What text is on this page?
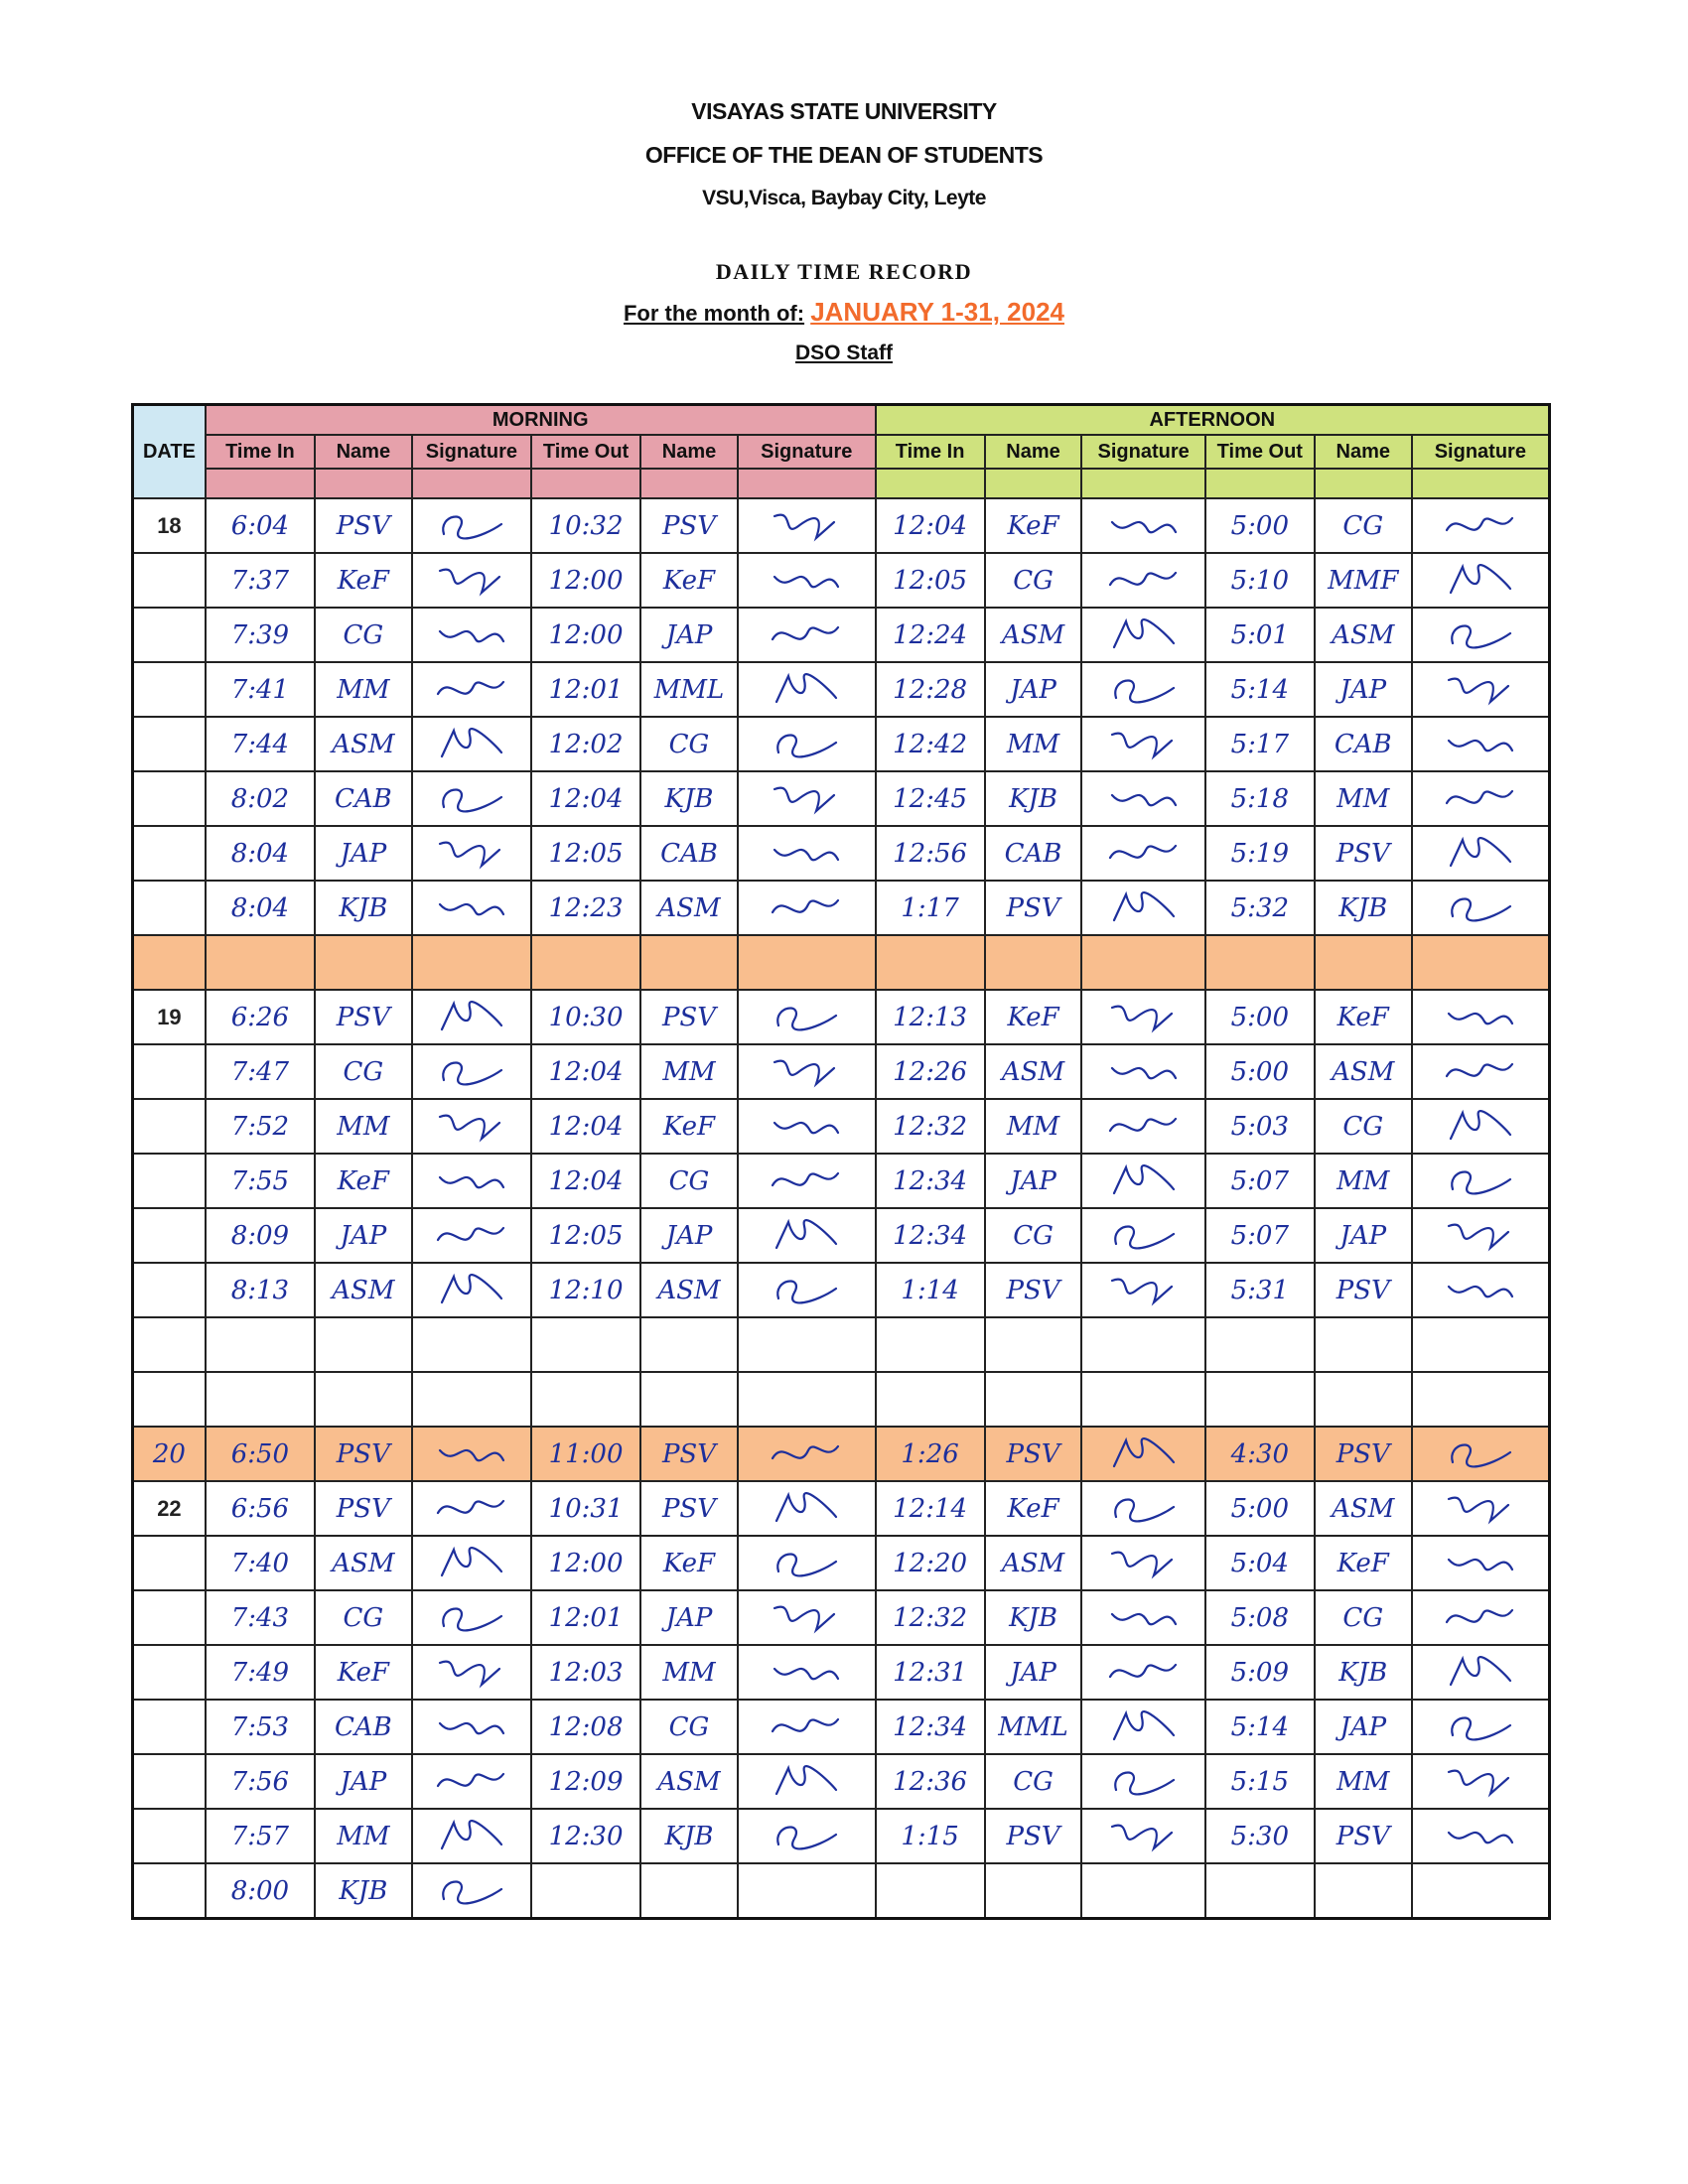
VISAYAS STATE UNIVERSITY
OFFICE OF THE DEAN OF STUDENTS
VSU,Visca, Baybay City, Leyte
DAILY TIME RECORD
For the month of: JANUARY 1-31, 2024
DSO Staff
DATE	MORNING						AFTERNOON					
	Time In	Name	Signature	Time Out	Name	Signature	Time In	Name	Signature	Time Out	Name	Signature

18	6:04	PSV		10:32	PSV		12:04	KeF		5:00	CG	

	7:37	KeF		12:00	KeF		12:05	CG		5:10	MMF	

	7:39	CG		12:00	JAP		12:24	ASM		5:01	ASM	

	7:41	MM		12:01	MML		12:28	JAP		5:14	JAP	

	7:44	ASM		12:02	CG		12:42	MM		5:17	CAB	

	8:02	CAB		12:04	KJB		12:45	KJB		5:18	MM	

	8:04	JAP		12:05	CAB		12:56	CAB		5:19	PSV	

	8:04	KJB		12:23	ASM		1:17	PSV		5:32	KJB	

19	6:26	PSV		10:30	PSV		12:13	KeF		5:00	KeF	

	7:47	CG		12:04	MM		12:26	ASM		5:00	ASM	

	7:52	MM		12:04	KeF		12:32	MM		5:03	CG	

	7:55	KeF		12:04	CG		12:34	JAP		5:07	MM	

	8:09	JAP		12:05	JAP		12:34	CG		5:07	JAP	

	8:13	ASM		12:10	ASM		1:14	PSV		5:31	PSV	

20	6:50	PSV		11:00	PSV		1:26	PSV		4:30	PSV	

22	6:56	PSV		10:31	PSV		12:14	KeF		5:00	ASM	

	7:40	ASM		12:00	KeF		12:20	ASM		5:04	KeF	

	7:43	CG		12:01	JAP		12:32	KJB		5:08	CG	

	7:49	KeF		12:03	MM		12:31	JAP		5:09	KJB	

	7:53	CAB		12:08	CG		12:34	MML		5:14	JAP	

	7:56	JAP		12:09	ASM		12:36	CG		5:15	MM	

	7:57	MM		12:30	KJB		1:15	PSV		5:30	PSV	

	8:00	KJB	
